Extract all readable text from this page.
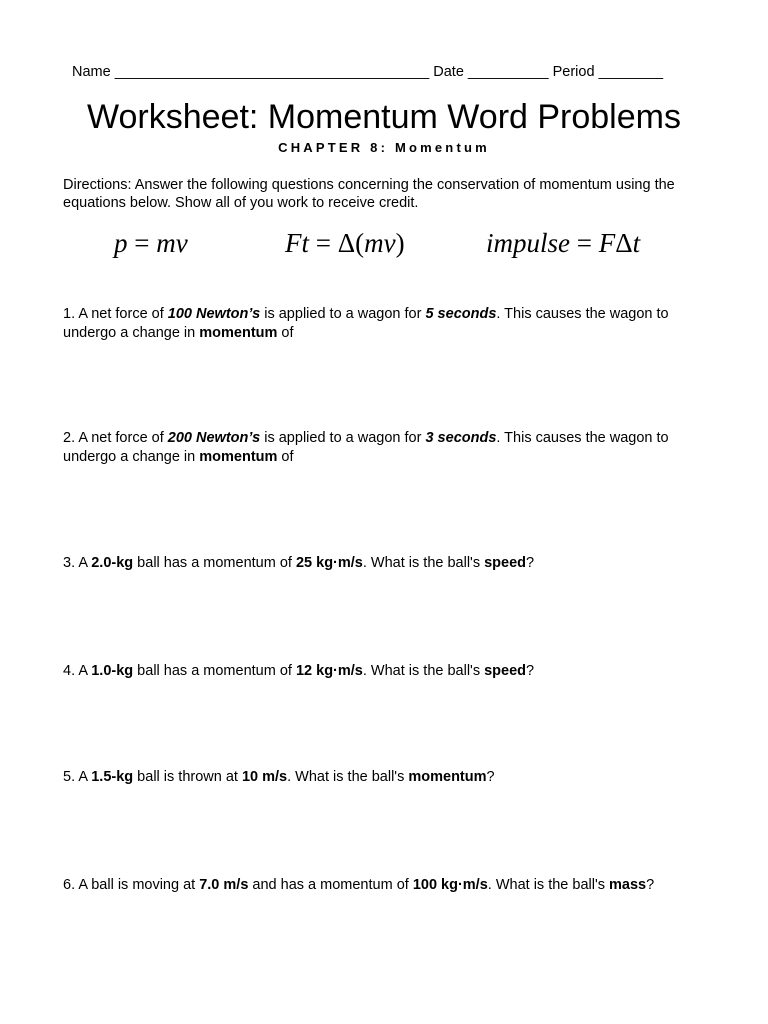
Name _______________________________________ Date __________ Period ________
Worksheet: Momentum Word Problems
CHAPTER 8: Momentum
Directions: Answer the following questions concerning the conservation of momentum using the equations below. Show all of you work to receive credit.
p = mv	Ft = Δ(mv)	impulse = FΔt
1. A net force of 100 Newton’s is applied to a wagon for 5 seconds. This causes the wagon to undergo a change in momentum of
2. A net force of 200 Newton’s is applied to a wagon for 3 seconds. This causes the wagon to undergo a change in momentum of
3. A 2.0-kg ball has a momentum of 25 kg·m/s. What is the ball's speed?
4. A 1.0-kg ball has a momentum of 12 kg·m/s. What is the ball's speed?
5. A 1.5-kg ball is thrown at 10 m/s. What is the ball's momentum?
6. A ball is moving at 7.0 m/s and has a momentum of 100 kg·m/s. What is the ball's mass?
